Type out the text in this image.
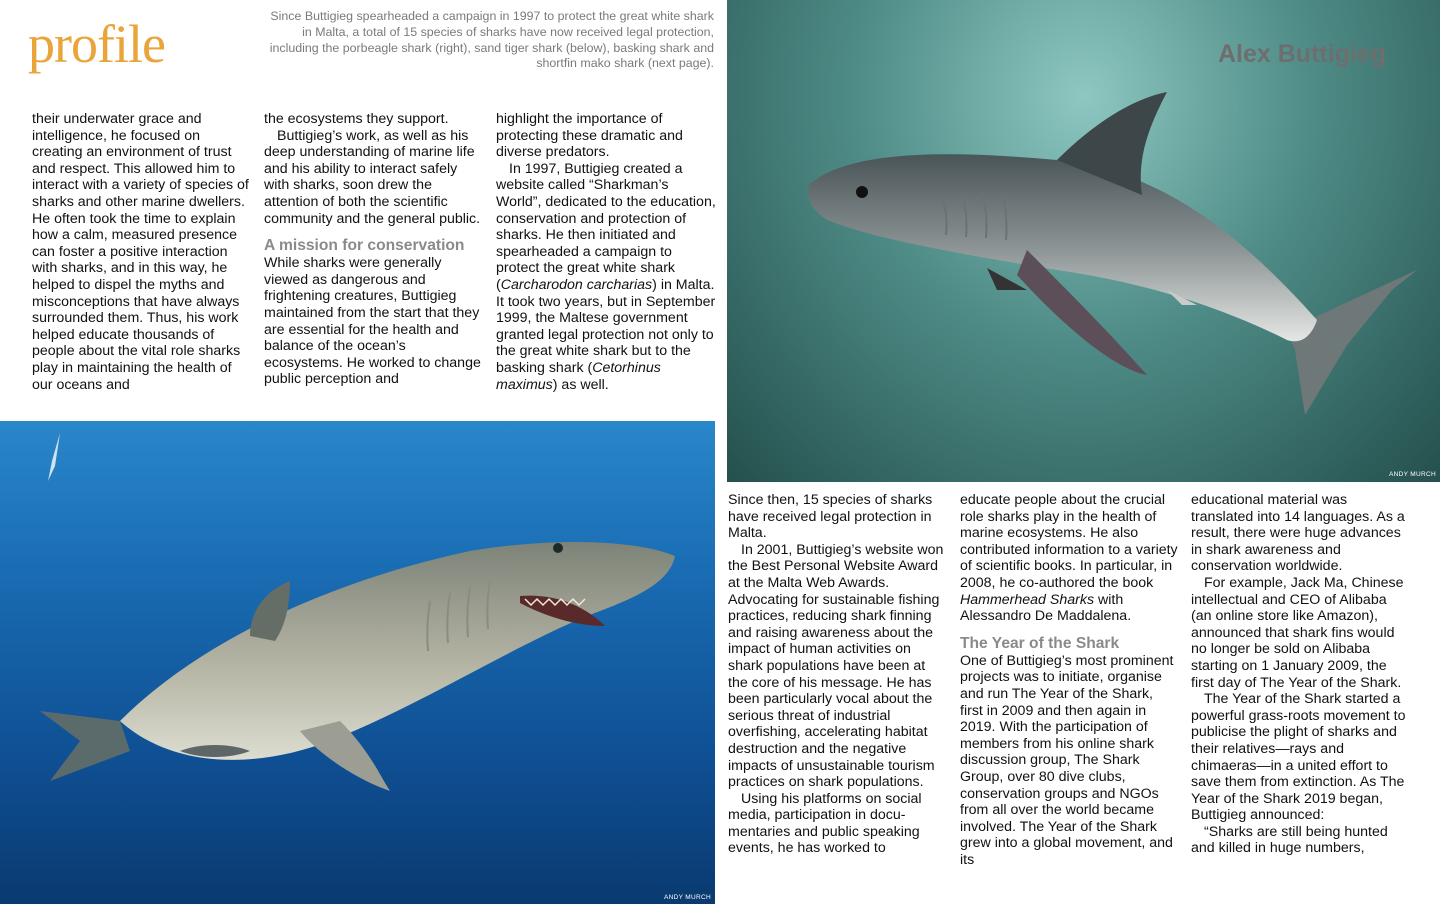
profile	Since Buttigieg spearheaded a campaign in 1997 to protect the great white shark in Malta, a total of 15 species of sharks have now received legal protection, including the porbeagle shark (right), sand tiger shark (below), basking shark and shortfin mako shark (next page).	Alex Buttigieg
ANDY MURCH
ANDY MURCH

their underwater grace and intelligence, he focused on creating an environment of trust and respect. This allowed him to interact with a variety of species of sharks and other marine dwellers. He often took the time to explain how a calm, measured presence can foster a positive interaction with sharks, and in this way, he helped to dispel the myths and misconceptions that have always surrounded them. Thus, his work helped educate thousands of people about the vital role sharks play in maintaining the health of our oceans and

the ecosystems they support.

Buttigieg’s work, as well as his deep understanding of marine life and his ability to interact safely with sharks, soon drew the attention of both the scientific community and the general public.

A mission for conservation

While sharks were generally viewed as dangerous and frightening creatures, Buttigieg maintained from the start that they are essential for the health and balance of the ocean’s ecosystems. He worked to change public perception and

highlight the importance of protecting these dramatic and diverse predators.

In 1997, Buttigieg created a website called “Sharkman’s World”, dedicated to the education, conservation and protection of sharks. He then initiated and spearheaded a campaign to protect the great white shark (Carcharodon carcharias) in Malta. It took two years, but in September 1999, the Maltese government granted legal protection not only to the great white shark but to the basking shark (Cetorhinus maximus) as well.

Since then, 15 species of sharks have received legal protection in Malta.

In 2001, Buttigieg’s website won the Best Personal Website Award at the Malta Web Awards. Advocating for sustainable fishing practices, reducing shark finning and raising awareness about the impact of human activities on shark populations have been at the core of his message. He has been particularly vocal about the serious threat of industrial overfishing, accelerating habitat destruction and the negative impacts of unsustainable tourism practices on shark populations.

Using his platforms on social media, participation in documentaries and public speaking events, he has worked to

educate people about the crucial role sharks play in the health of marine ecosystems. He also contributed information to a variety of scientific books. In particular, in 2008, he co-authored the book Hammerhead Sharks with Alessandro De Maddalena.

The Year of the Shark

One of Buttigieg’s most prominent projects was to initiate, organise and run The Year of the Shark, first in 2009 and then again in 2019. With the participation of members from his online shark discussion group, The Shark Group, over 80 dive clubs, conservation groups and NGOs from all over the world became involved. The Year of the Shark grew into a global movement, and its

educational material was translated into 14 languages. As a result, there were huge advances in shark awareness and conservation worldwide.

For example, Jack Ma, Chinese intellectual and CEO of Alibaba (an online store like Amazon), announced that shark fins would no longer be sold on Alibaba starting on 1 January 2009, the first day of The Year of the Shark.

The Year of the Shark started a powerful grass-roots movement to publicise the plight of sharks and their relatives—rays and chimaeras—in a united effort to save them from extinction. As The Year of the Shark 2019 began, Buttigieg announced:

“Sharks are still being hunted and killed in huge numbers,
